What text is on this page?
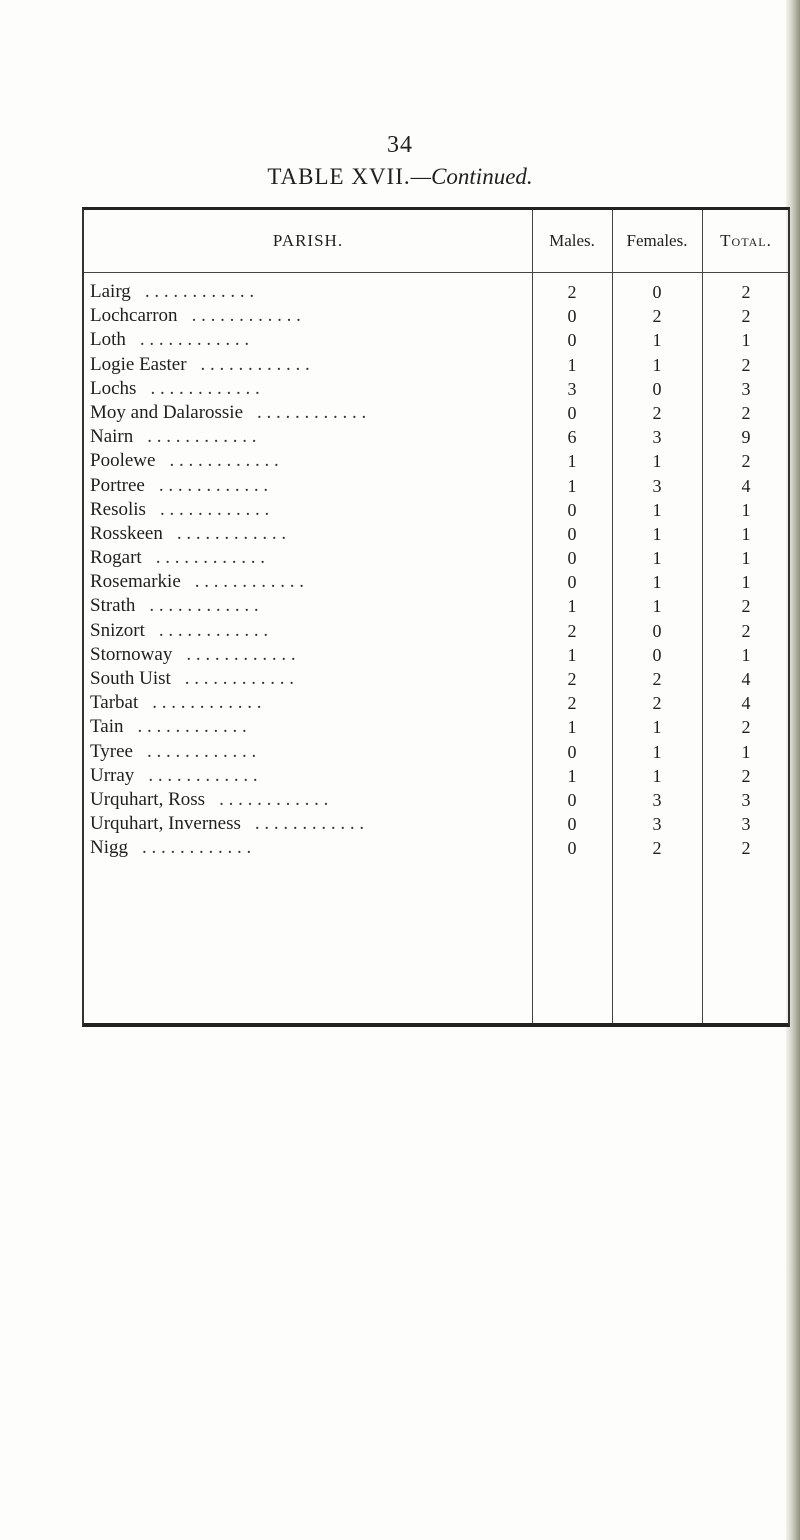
34
TABLE XVII.—Continued.
PARISH.	Males.	Females.	Total.
. . . . . . . . . . . .
Lairg	2	0	2
. . . . . . . . . . . .
Lochcarron	0	2	2
. . . . . . . . . . . .
Loth	0	1	1
. . . . . . . . . . . .
Logie Easter	1	1	2
. . . . . . . . . . . .
Lochs	3	0	3
. . . . . . . . . . . .
Moy and Dalarossie	0	2	2
. . . . . . . . . . . .
Nairn	6	3	9
. . . . . . . . . . . .
Poolewe	1	1	2
. . . . . . . . . . . .
Portree	1	3	4
. . . . . . . . . . . .
Resolis	0	1	1
. . . . . . . . . . . .
Rosskeen	0	1	1
. . . . . . . . . . . .
Rogart	0	1	1
. . . . . . . . . . . .
Rosemarkie	0	1	1
. . . . . . . . . . . .
Strath	1	1	2
. . . . . . . . . . . .
Snizort	2	0	2
. . . . . . . . . . . .
Stornoway	1	0	1
. . . . . . . . . . . .
South Uist	2	2	4
. . . . . . . . . . . .
Tarbat	2	2	4
. . . . . . . . . . . .
Tain	1	1	2
. . . . . . . . . . . .
Tyree	0	1	1
. . . . . . . . . . . .
Urray	1	1	2
. . . . . . . . . . . .
Urquhart, Ross	0	3	3
. . . . . . . . . . . .
Urquhart, Inverness	0	3	3
. . . . . . . . . . . .
Nigg	0	2	2
